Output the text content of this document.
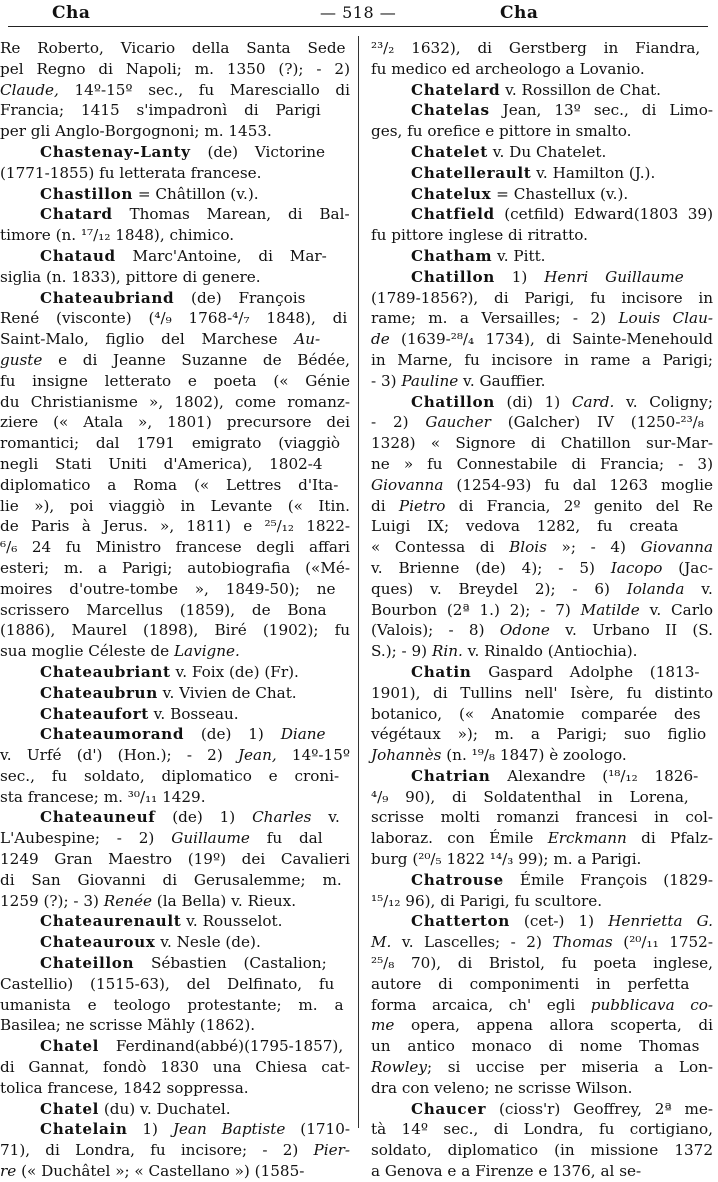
Cha	— 518 —	Cha
Re Roberto, Vicario della Santa Sede
pel Regno di Napoli; m. 1350 (?); - 2)
Claude, 14º-15º sec., fu Maresciallo di
Francia; 1415 s'impadronì di Parigi
per gli Anglo-Borgognoni; m. 1453.
Chastenay-Lanty (de) Victorine
(1771-1855) fu letterata francese.
Chastillon = Châtillon (v.).
Chatard Thomas Marean, di Bal-
timore (n. ¹⁷/₁₂ 1848), chimico.
Chataud Marc'Antoine, di Mar-
siglia (n. 1833), pittore di genere.
Chateaubriand (de) François
René (visconte) (⁴/₉ 1768-⁴/₇ 1848), di
Saint-Malo, figlio del Marchese Au-
guste e di Jeanne Suzanne de Bédée,
fu insigne letterato e poeta (« Génie
du Christianisme », 1802), come romanz-
ziere (« Atala », 1801) precursore dei
romantici; dal 1791 emigrato (viaggiò
negli Stati Uniti d'America), 1802-4
diplomatico a Roma (« Lettres d'Ita-
lie »), poi viaggiò in Levante (« Itin.
de Paris à Jerus. », 1811) e ²⁵/₁₂ 1822-
⁶/₆ 24 fu Ministro francese degli affari
esteri; m. a Parigi; autobiografia («Mé-
moires d'outre-tombe », 1849-50); ne
scrissero Marcellus (1859), de Bona
(1886), Maurel (1898), Biré (1902); fu
sua moglie Céleste de Lavigne.
Chateaubriant v. Foix (de) (Fr).
Chateaubrun v. Vivien de Chat.
Chateaufort v. Bosseau.
Chateaumorand (de) 1) Diane
v. Urfé (d') (Hon.); - 2) Jean, 14º-15º
sec., fu soldato, diplomatico e croni-
sta francese; m. ³⁰/₁₁ 1429.
Chateauneuf (de) 1) Charles v.
L'Aubespine; - 2) Guillaume fu dal
1249 Gran Maestro (19º) dei Cavalieri
di San Giovanni di Gerusalemme; m.
1259 (?); - 3) Renée (la Bella) v. Rieux.
Chateaurenault v. Rousselot.
Chateauroux v. Nesle (de).
Chateillon Sébastien (Castalion;
Castellio) (1515-63), del Delfinato, fu
umanista e teologo protestante; m. a
Basilea; ne scrisse Mähly (1862).
Chatel Ferdinand(abbé)(1795-1857),
di Gannat, fondò 1830 una Chiesa cat-
tolica francese, 1842 soppressa.
Chatel (du) v. Duchatel.
Chatelain 1) Jean Baptiste (1710-
71), di Londra, fu incisore; - 2) Pier-
re (« Duchâtel »; « Castellano ») (1585-
²³/₂ 1632), di Gerstberg in Fiandra,
fu medico ed archeologo a Lovanio.
Chatelard v. Rossillon de Chat.
Chatelas Jean, 13º sec., di Limo-
ges, fu orefice e pittore in smalto.
Chatelet v. Du Chatelet.
Chatellerault v. Hamilton (J.).
Chatelux = Chastellux (v.).
Chatfield (cetfild) Edward(1803 39)
fu pittore inglese di ritratto.
Chatham v. Pitt.
Chatillon 1) Henri Guillaume
(1789-1856?), di Parigi, fu incisore in
rame; m. a Versailles; - 2) Louis Clau-
de (1639-²⁸/₄ 1734), di Sainte-Menehould
in Marne, fu incisore in rame a Parigi;
- 3) Pauline v. Gauffier.
Chatillon (di) 1) Card. v. Coligny;
- 2) Gaucher (Galcher) IV (1250-²³/₈
1328) « Signore di Chatillon sur-Mar-
ne » fu Connestabile di Francia; - 3)
Giovanna (1254-93) fu dal 1263 moglie
di Pietro di Francia, 2º genito del Re
Luigi IX; vedova 1282, fu creata
« Contessa di Blois »; - 4) Giovanna
v. Brienne (de) 4); - 5) Iacopo (Jac-
ques) v. Breydel 2); - 6) Iolanda v.
Bourbon (2ª 1.) 2); - 7) Matilde v. Carlo
(Valois); - 8) Odone v. Urbano II (S.
S.); - 9) Rin. v. Rinaldo (Antiochia).
Chatin Gaspard Adolphe (1813-
1901), di Tullins nell' Isère, fu distinto
botanico, (« Anatomie comparée des
végétaux »); m. a Parigi; suo figlio
Johannès (n. ¹⁹/₈ 1847) è zoologo.
Chatrian Alexandre (¹⁸/₁₂ 1826-
⁴/₉ 90), di Soldatenthal in Lorena,
scrisse molti romanzi francesi in col-
laboraz. con Émile Erckmann di Pfalz-
burg (²⁰/₅ 1822 ¹⁴/₃ 99); m. a Parigi.
Chatrouse Émile François (1829-
¹⁵/₁₂ 96), di Parigi, fu scultore.
Chatterton (cet-) 1) Henrietta G.
M. v. Lascelles; - 2) Thomas (²⁰/₁₁ 1752-
²⁵/₈ 70), di Bristol, fu poeta inglese,
autore di componimenti in perfetta
forma arcaica, ch' egli pubblicava co-
me opera, appena allora scoperta, di
un antico monaco di nome Thomas
Rowley; si uccise per miseria a Lon-
dra con veleno; ne scrisse Wilson.
Chaucer (cioss'r) Geoffrey, 2ª me-
tà 14º sec., di Londra, fu cortigiano,
soldato, diplomatico (in missione 1372
a Genova e a Firenze e 1376, al se-
